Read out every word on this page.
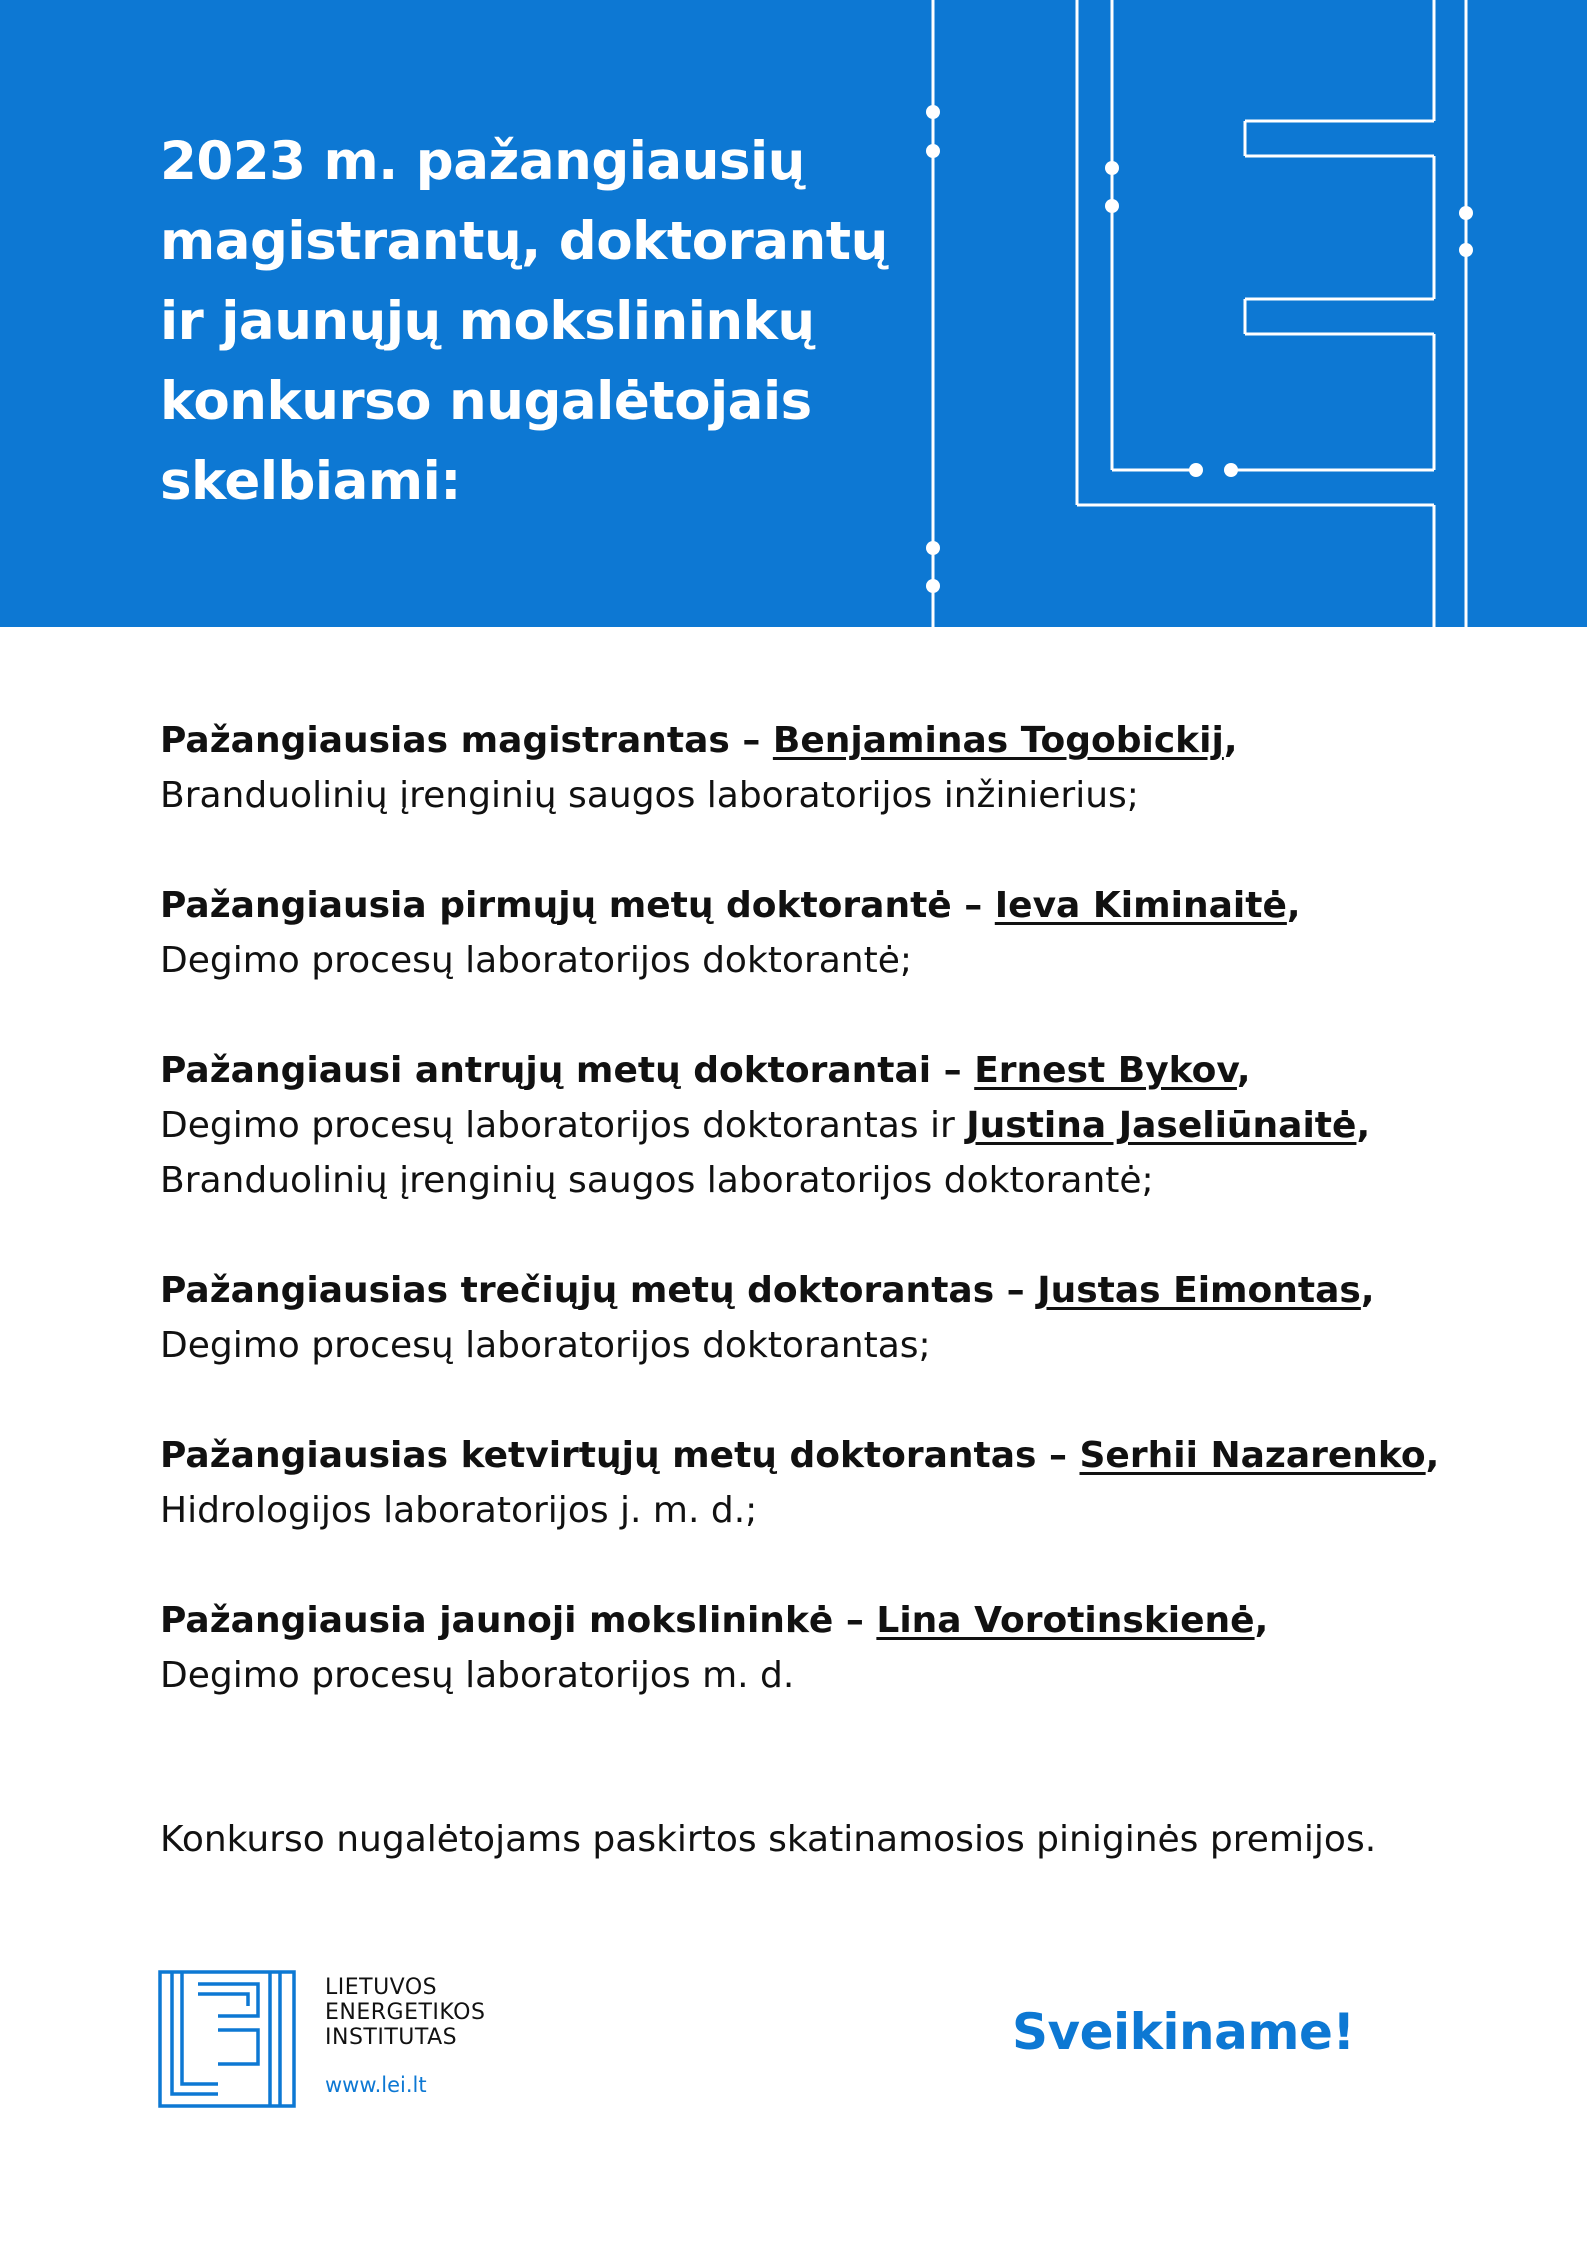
2023 m. pažangiausių
magistrantų, doktorantų
ir jaunųjų mokslininkų
konkurso nugalėtojais
skelbiami:
Pažangiausias magistrantas – Benjaminas Togobickij,
Branduolinių įrenginių saugos laboratorijos inžinierius;
Pažangiausia pirmųjų metų doktorantė – Ieva Kiminaitė,
Degimo procesų laboratorijos doktorantė;
Pažangiausi antrųjų metų doktorantai – Ernest Bykov,
Degimo procesų laboratorijos doktorantas ir Justina Jaseliūnaitė,
Branduolinių įrenginių saugos laboratorijos doktorantė;
Pažangiausias trečiųjų metų doktorantas – Justas Eimontas,
Degimo procesų laboratorijos doktorantas;
Pažangiausias ketvirtųjų metų doktorantas – Serhii Nazarenko,
Hidrologijos laboratorijos j. m. d.;
Pažangiausia jaunoji mokslininkė – Lina Vorotinskienė,
Degimo procesų laboratorijos m. d.
Konkurso nugalėtojams paskirtos skatinamosios piniginės premijos.
LIETUVOS
ENERGETIKOS
INSTITUTAS
www.lei.lt
Sveikiname!
